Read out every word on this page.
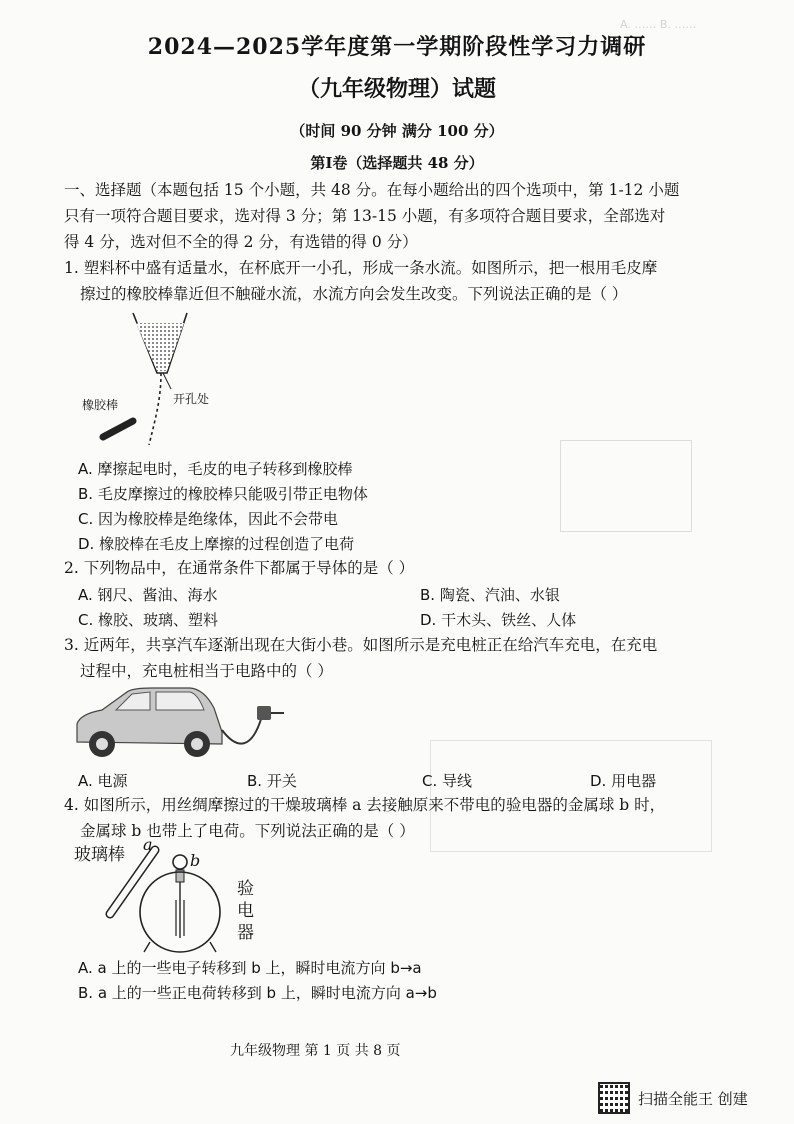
A. …… B. ……
2024—2025学年度第一学期阶段性学习力调研
（九年级物理）试题
（时间 90 分钟 满分 100 分）
第Ⅰ卷（选择题共 48 分）
一、选择题（本题包括 15 个小题，共 48 分。在每小题给出的四个选项中，第 1-12 小题
只有一项符合题目要求，选对得 3 分；第 13-15 小题，有多项符合题目要求，全部选对
得 4 分，选对但不全的得 2 分，有选错的得 0 分）
1. 塑料杯中盛有适量水，在杯底开一小孔，形成一条水流。如图所示，把一根用毛皮摩
擦过的橡胶棒靠近但不触碰水流，水流方向会发生改变。下列说法正确的是（ ）
橡胶棒	开孔处
A. 摩擦起电时，毛皮的电子转移到橡胶棒
B. 毛皮摩擦过的橡胶棒只能吸引带正电物体
C. 因为橡胶棒是绝缘体，因此不会带电
D. 橡胶棒在毛皮上摩擦的过程创造了电荷
2. 下列物品中，在通常条件下都属于导体的是（ ）
A. 钢尺、酱油、海水	B. 陶瓷、汽油、水银
C. 橡胶、玻璃、塑料	D. 干木头、铁丝、人体
3. 近两年，共享汽车逐渐出现在大街小巷。如图所示是充电桩正在给汽车充电，在充电
过程中，充电桩相当于电路中的（ ）
A. 电源	B. 开关	C. 导线	D. 用电器
4. 如图所示，用丝绸摩擦过的干燥玻璃棒 a 去接触原来不带电的验电器的金属球 b 时，
金属球 b 也带上了电荷。下列说法正确的是（ ）
玻璃棒
a
b
验电器
A. a 上的一些电子转移到 b 上，瞬时电流方向 b→a
B. a 上的一些正电荷转移到 b 上，瞬时电流方向 a→b
九年级物理 第 1 页 共 8 页
扫描全能王 创建
